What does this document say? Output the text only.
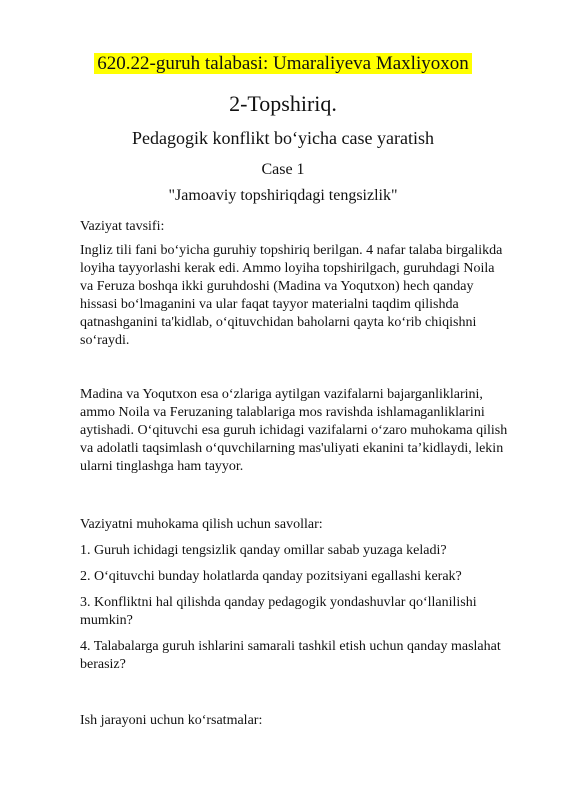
620.22-guruh talabasi: Umaraliyeva Maxliyoxon
2-Topshiriq.
Pedagogik konflikt bo‘yicha case yaratish
Case 1
"Jamoaviy topshiriqdagi tengsizlik"
Vaziyat tavsifi:
Ingliz tili fani bo‘yicha guruhiy topshiriq berilgan. 4 nafar talaba birgalikda loyiha tayyorlashi kerak edi. Ammo loyiha topshirilgach, guruhdagi Noila va Feruza boshqa ikki guruhdoshi (Madina va Yoqutxon) hech qanday hissasi bo‘lmaganini va ular faqat tayyor materialni taqdim qilishda qatnashganini ta'kidlab, o‘qituvchidan baholarni qayta ko‘rib chiqishni so‘raydi.
Madina va Yoqutxon esa o‘zlariga aytilgan vazifalarni bajarganliklarini, ammo Noila va Feruzaning talablariga mos ravishda ishlamaganliklarini aytishadi. O‘qituvchi esa guruh ichidagi vazifalarni o‘zaro muhokama qilish va adolatli taqsimlash o‘quvchilarning mas'uliyati ekanini ta’kidlaydi, lekin ularni tinglashga ham tayyor.
Vaziyatni muhokama qilish uchun savollar:
1. Guruh ichidagi tengsizlik qanday omillar sabab yuzaga keladi?
2. O‘qituvchi bunday holatlarda qanday pozitsiyani egallashi kerak?
3. Konfliktni hal qilishda qanday pedagogik yondashuvlar qo‘llanilishi mumkin?
4. Talabalarga guruh ishlarini samarali tashkil etish uchun qanday maslahat berasiz?
Ish jarayoni uchun ko‘rsatmalar:
